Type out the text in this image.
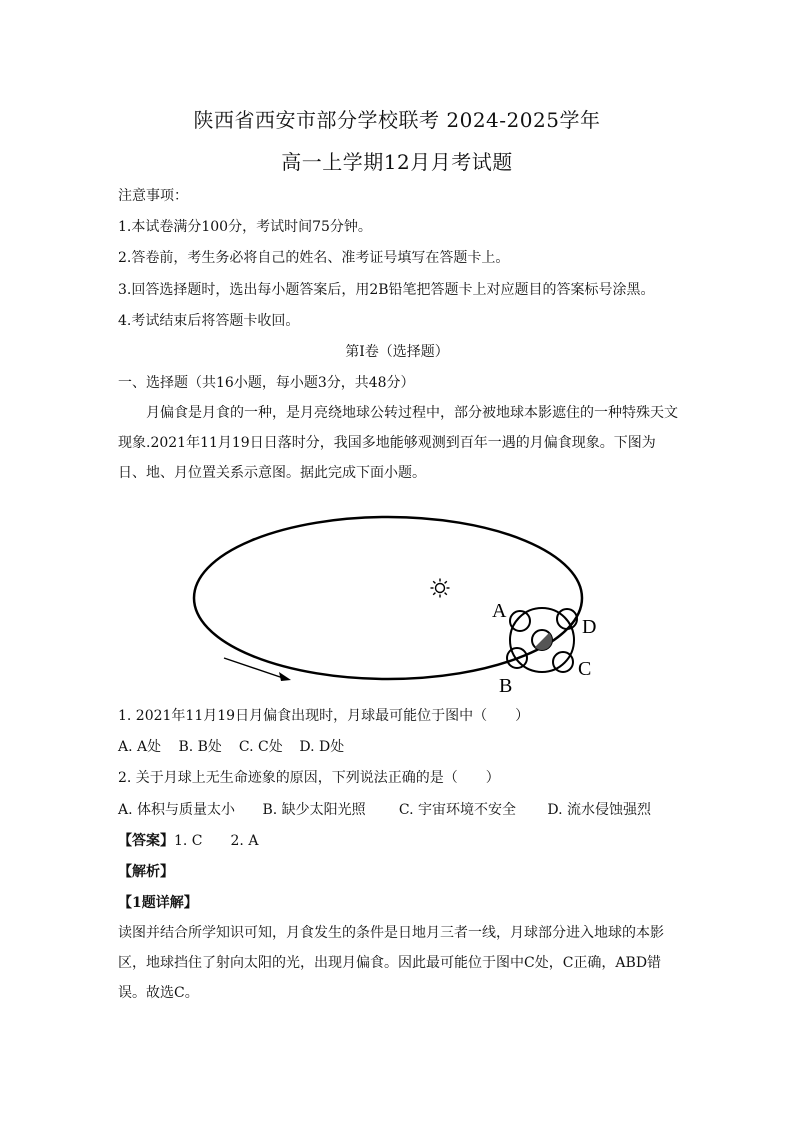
陕西省西安市部分学校联考 2024-2025学年
高一上学期12月月考试题
注意事项：
1.本试卷满分100分，考试时间75分钟。
2.答卷前，考生务必将自己的姓名、准考证号填写在答题卡上。
3.回答选择题时，选出每小题答案后，用2B铅笔把答题卡上对应题目的答案标号涂黑。
4.考试结束后将答题卡收回。
第Ⅰ卷（选择题）
一、选择题（共16小题，每小题3分，共48分）
月偏食是月食的一种，是月亮绕地球公转过程中，部分被地球本影遮住的一种特殊天文现象.2021年11月19日日落时分，我国多地能够观测到百年一遇的月偏食现象。下图为日、地、月位置关系示意图。据此完成下面小题。
A
D
B
C
1. 2021年11月19日月偏食出现时，月球最可能位于图中（　　）
A. A处 B. B处 C. C处 D. D处
2. 关于月球上无生命迹象的原因，下列说法正确的是（　　）
A. 体积与质量太小 B. 缺少太阳光照 C. 宇宙环境不安全 D. 流水侵蚀强烈
【答案】1. C　　2. A
【解析】
【1题详解】
读图并结合所学知识可知，月食发生的条件是日地月三者一线，月球部分进入地球的本影区，地球挡住了射向太阳的光，出现月偏食。因此最可能位于图中C处，C正确，ABD错误。故选C。
